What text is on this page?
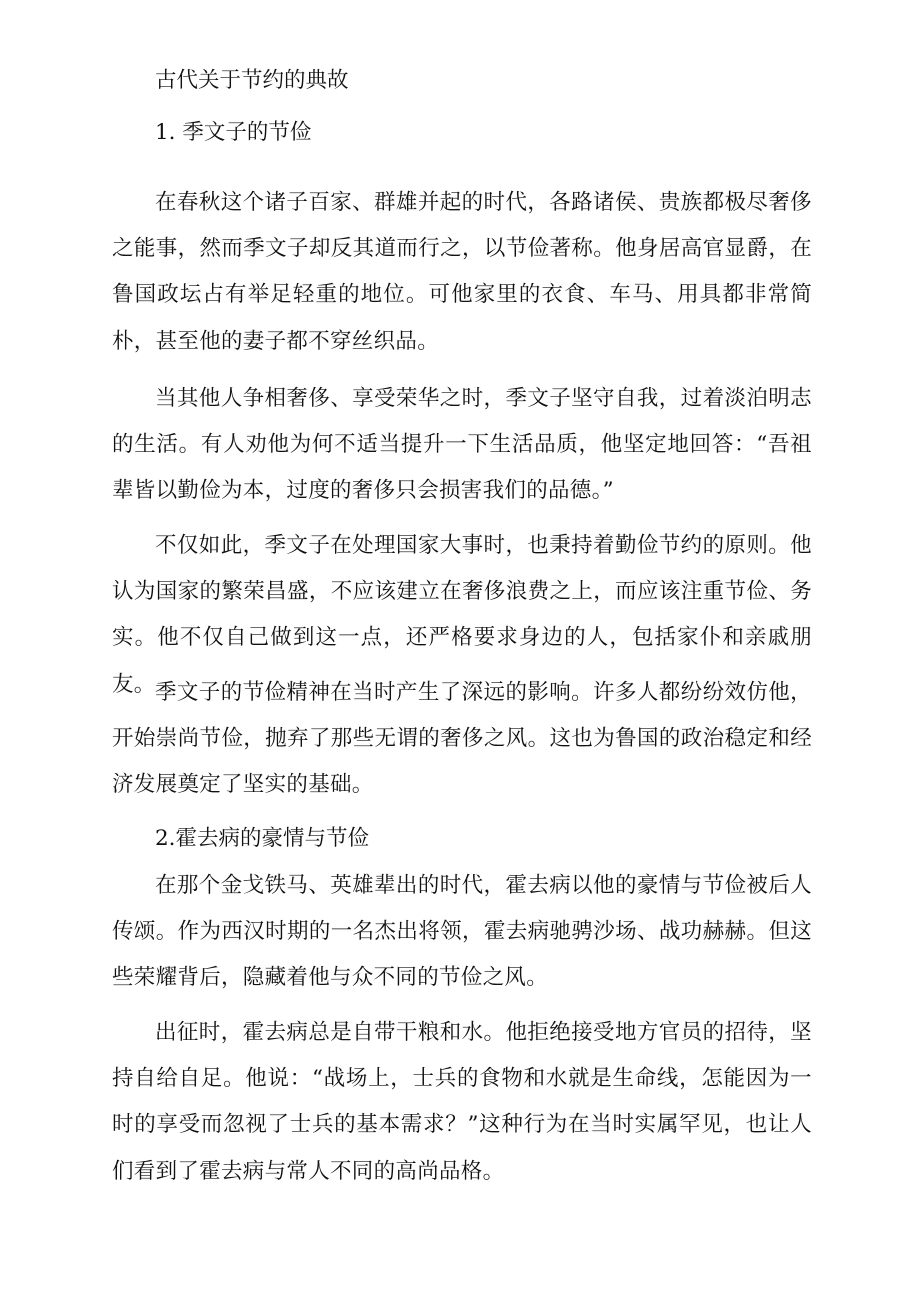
古代关于节约的典故

1. 季文子的节俭

在春秋这个诸子百家、群雄并起的时代，各路诸侯、贵族都极尽奢侈之能事，然而季文子却反其道而行之，以节俭著称。他身居高官显爵，在鲁国政坛占有举足轻重的地位。可他家里的衣食、车马、用具都非常简朴，甚至他的妻子都不穿丝织品。

当其他人争相奢侈、享受荣华之时，季文子坚守自我，过着淡泊明志的生活。有人劝他为何不适当提升一下生活品质，他坚定地回答：“吾祖辈皆以勤俭为本，过度的奢侈只会损害我们的品德。”

不仅如此，季文子在处理国家大事时，也秉持着勤俭节约的原则。他认为国家的繁荣昌盛，不应该建立在奢侈浪费之上，而应该注重节俭、务实。他不仅自己做到这一点，还严格要求身边的人，包括家仆和亲戚朋友。 季文子的节俭精神在当时产生了深远的影响。许多人都纷纷效仿他，开始崇尚节俭，抛弃了那些无谓的奢侈之风。这也为鲁国的政治稳定和经济发展奠定了坚实的基础。

2.霍去病的豪情与节俭

在那个金戈铁马、英雄辈出的时代，霍去病以他的豪情与节俭被后人传颂。作为西汉时期的一名杰出将领，霍去病驰骋沙场、战功赫赫。但这些荣耀背后，隐藏着他与众不同的节俭之风。

出征时，霍去病总是自带干粮和水。他拒绝接受地方官员的招待，坚持自给自足。他说：“战场上，士兵的食物和水就是生命线，怎能因为一时的享受而忽视了士兵的基本需求？”这种行为在当时实属罕见，也让人们看到了霍去病与常人不同的高尚品格。
